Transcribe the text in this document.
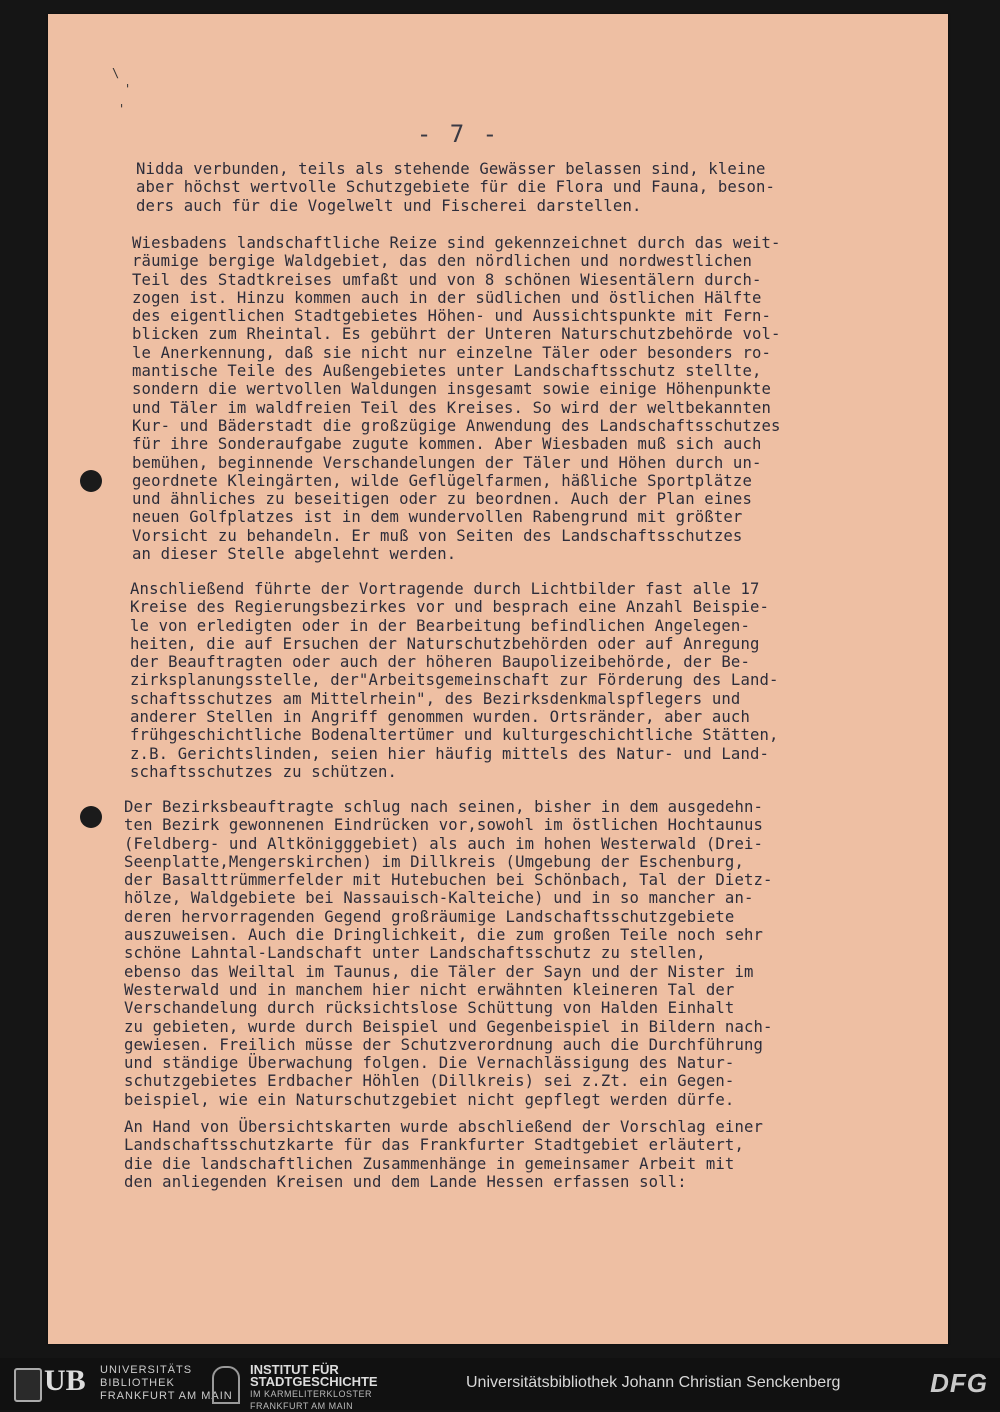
\
'
'
- 7 -
Nidda verbunden, teils als stehende Gewässer belassen sind, kleine
aber höchst wertvolle Schutzgebiete für die Flora und Fauna, beson-
ders auch für die Vogelwelt und Fischerei darstellen.
Wiesbadens landschaftliche Reize sind gekennzeichnet durch das weit-
räumige bergige Waldgebiet, das den nördlichen und nordwestlichen
Teil des Stadtkreises umfaßt und von 8 schönen Wiesentälern durch-
zogen ist. Hinzu kommen auch in der südlichen und östlichen Hälfte
des eigentlichen Stadtgebietes Höhen- und Aussichtspunkte mit Fern-
blicken zum Rheintal. Es gebührt der Unteren Naturschutzbehörde vol-
le Anerkennung, daß sie nicht nur einzelne Täler oder besonders ro-
mantische Teile des Außengebietes unter Landschaftsschutz stellte,
sondern die wertvollen Waldungen insgesamt sowie einige Höhenpunkte
und Täler im waldfreien Teil des Kreises. So wird der weltbekannten
Kur- und Bäderstadt die großzügige Anwendung des Landschaftsschutzes
für ihre Sonderaufgabe zugute kommen. Aber Wiesbaden muß sich auch
bemühen, beginnende Verschandelungen der Täler und Höhen durch un-
geordnete Kleingärten, wilde Geflügelfarmen, häßliche Sportplätze
und ähnliches zu beseitigen oder zu beordnen. Auch der Plan eines
neuen Golfplatzes ist in dem wundervollen Rabengrund mit größter
Vorsicht zu behandeln. Er muß von Seiten des Landschaftsschutzes
an dieser Stelle abgelehnt werden.
Anschließend führte der Vortragende durch Lichtbilder fast alle 17
Kreise des Regierungsbezirkes vor und besprach eine Anzahl Beispie-
le von erledigten oder in der Bearbeitung befindlichen Angelegen-
heiten, die auf Ersuchen der Naturschutzbehörden oder auf Anregung
der Beauftragten oder auch der höheren Baupolizeibehörde, der Be-
zirksplanungsstelle, der"Arbeitsgemeinschaft zur Förderung des Land-
schaftsschutzes am Mittelrhein", des Bezirksdenkmalspflegers und
anderer Stellen in Angriff genommen wurden. Ortsränder, aber auch
frühgeschichtliche Bodenaltertümer und kulturgeschichtliche Stätten,
z.B. Gerichtslinden, seien hier häufig mittels des Natur- und Land-
schaftsschutzes zu schützen.
Der Bezirksbeauftragte schlug nach seinen, bisher in dem ausgedehn-
ten Bezirk gewonnenen Eindrücken vor,sowohl im östlichen Hochtaunus
(Feldberg- und Altkönigggebiet) als auch im hohen Westerwald (Drei-
Seenplatte,Mengerskirchen) im Dillkreis (Umgebung der Eschenburg,
der Basalttrümmerfelder mit Hutebuchen bei Schönbach, Tal der Dietz-
hölze, Waldgebiete bei Nassauisch-Kalteiche) und in so mancher an-
deren hervorragenden Gegend großräumige Landschaftsschutzgebiete
auszuweisen. Auch die Dringlichkeit, die zum großen Teile noch sehr
schöne Lahntal-Landschaft unter Landschaftsschutz zu stellen,
ebenso das Weiltal im Taunus, die Täler der Sayn und der Nister im
Westerwald und in manchem hier nicht erwähnten kleineren Tal der
Verschandelung durch rücksichtslose Schüttung von Halden Einhalt
zu gebieten, wurde durch Beispiel und Gegenbeispiel in Bildern nach-
gewiesen. Freilich müsse der Schutzverordnung auch die Durchführung
und ständige Überwachung folgen. Die Vernachlässigung des Natur-
schutzgebietes Erdbacher Höhlen (Dillkreis) sei z.Zt. ein Gegen-
beispiel, wie ein Naturschutzgebiet nicht gepflegt werden dürfe.
An Hand von Übersichtskarten wurde abschließend der Vorschlag einer
Landschaftsschutzkarte für das Frankfurter Stadtgebiet erläutert,
die die landschaftlichen Zusammenhänge in gemeinsamer Arbeit mit
den anliegenden Kreisen und dem Lande Hessen erfassen soll:
UB UNIVERSITÄTS
BIBLIOTHEK
FRANKFURT AM MAIN
INSTITUT FÜR
STADTGESCHICHTE
IM KARMELITERKLOSTER
FRANKFURT AM MAIN
Universitätsbibliothek Johann Christian Senckenberg	DFG
